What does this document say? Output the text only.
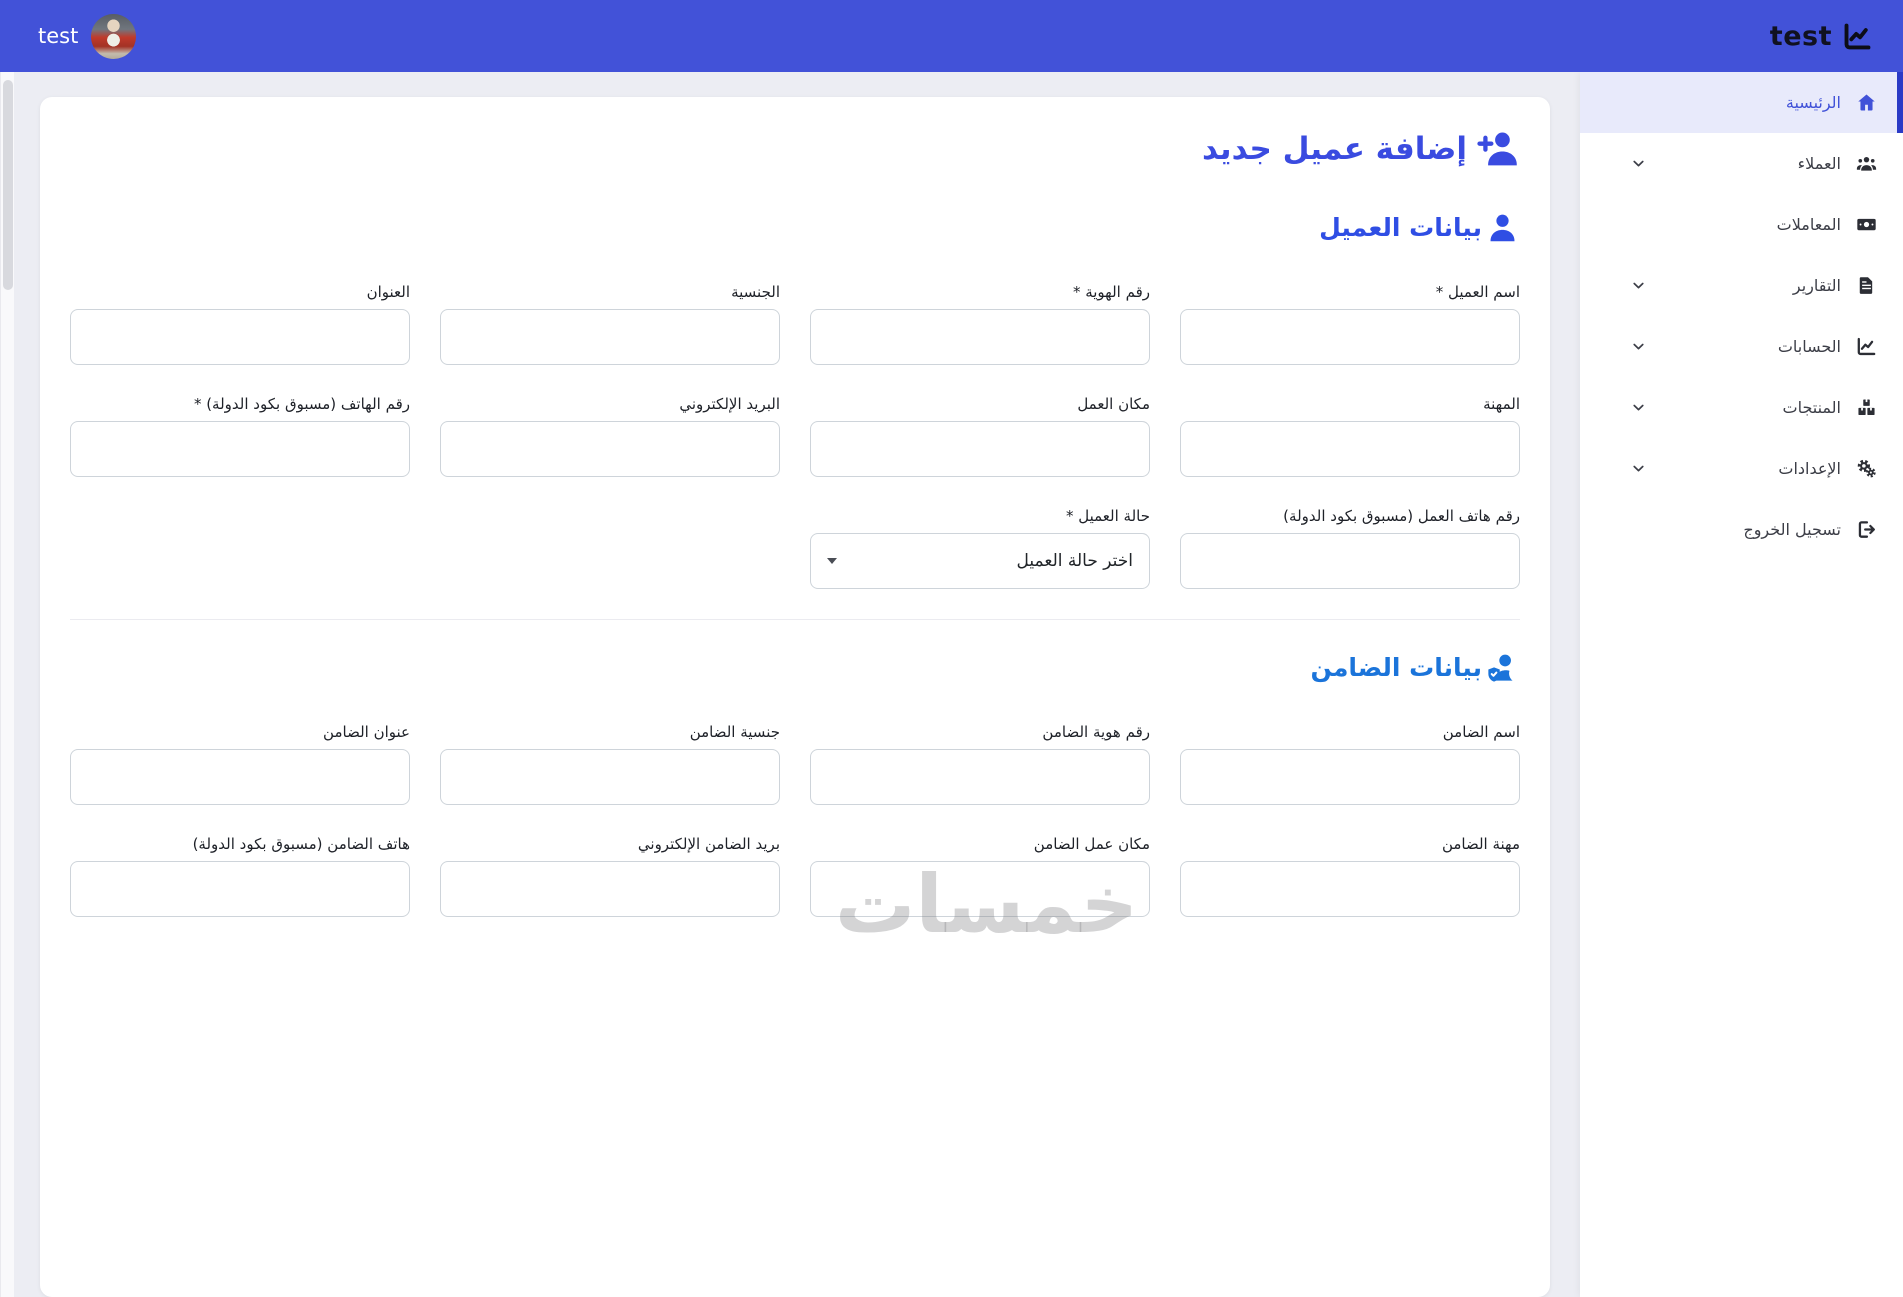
test
test
الرئيسية
العملاء
المعاملات
التقارير
الحسابات
المنتجات
الإعدادات
تسجيل الخروج
إضافة عميل جديد
بيانات العميل
اسم العميل *
رقم الهوية *
الجنسية
العنوان
المهنة
مكان العمل
البريد الإلكتروني
رقم الهاتف (مسبوق بكود الدولة) *
رقم هاتف العمل (مسبوق بكود الدولة)
حالة العميل *
اختر حالة العميل
بيانات الضامن
اسم الضامن
رقم هوية الضامن
جنسية الضامن
عنوان الضامن
مهنة الضامن
مكان عمل الضامن
بريد الضامن الإلكتروني
هاتف الضامن (مسبوق بكود الدولة)
خمسات
